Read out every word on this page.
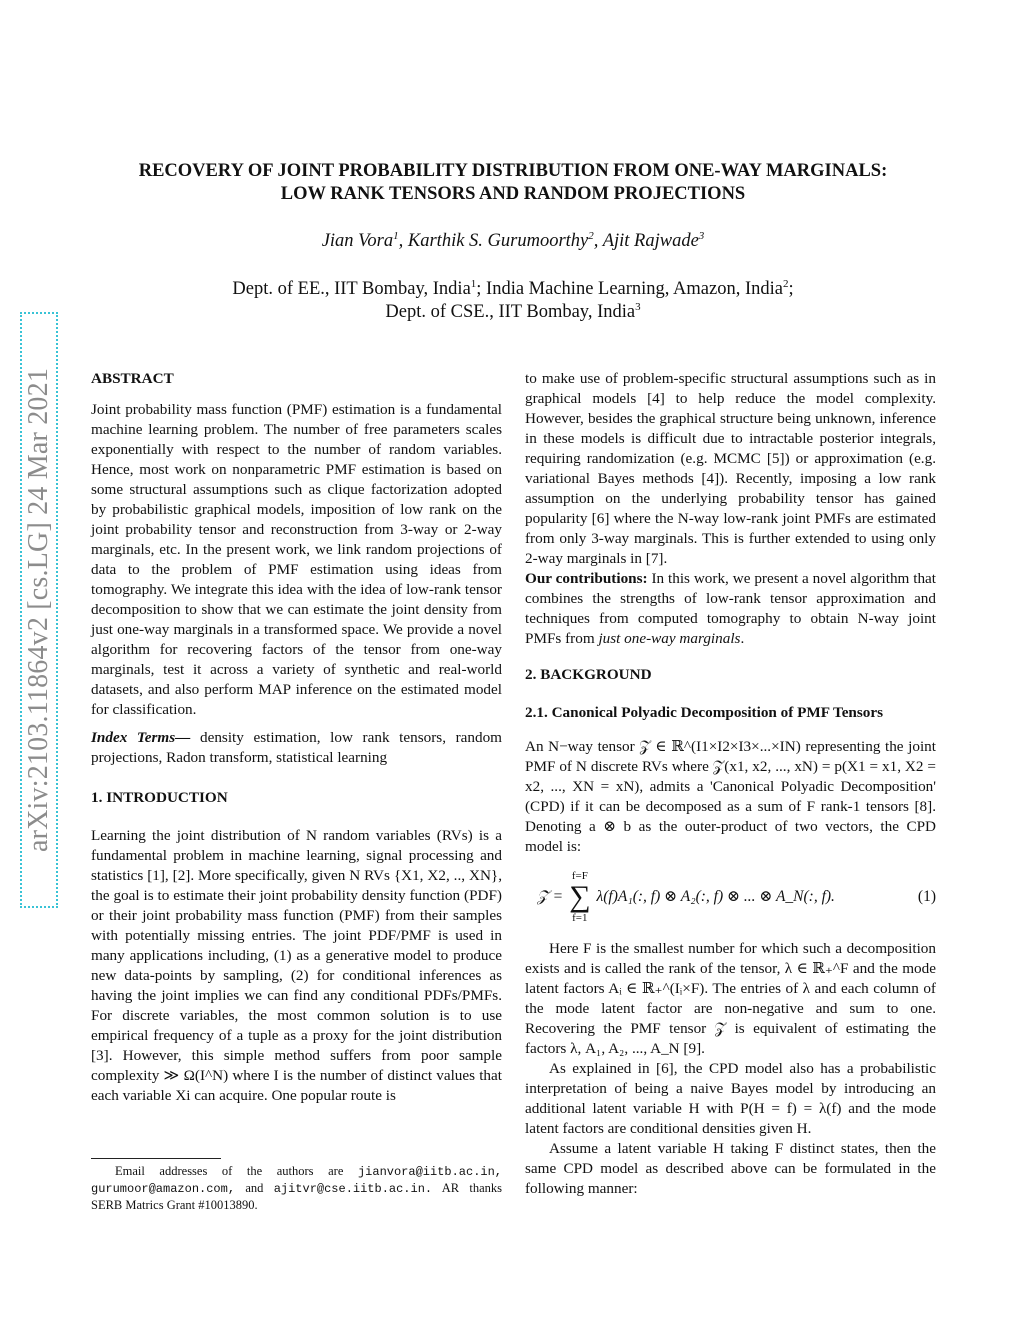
arXiv:2103.11864v2 [cs.LG] 24 Mar 2021
RECOVERY OF JOINT PROBABILITY DISTRIBUTION FROM ONE-WAY MARGINALS:
LOW RANK TENSORS AND RANDOM PROJECTIONS
Jian Vora$^1$, Karthik S. Gurumoorthy$^2$, Ajit Rajwade$^3$
Dept. of EE., IIT Bombay, India$^1$; India Machine Learning, Amazon, India$^2$;
Dept. of CSE., IIT Bombay, India$^3$

ABSTRACT

Joint probability mass function (PMF) estimation is a fundamental machine learning problem. The number of free parameters scales exponentially with respect to the number of random variables. Hence, most work on nonparametric PMF estimation is based on some structural assumptions such as clique factorization adopted by probabilistic graphical models, imposition of low rank on the joint probability tensor and reconstruction from 3-way or 2-way marginals, etc. In the present work, we link random projections of data to the problem of PMF estimation using ideas from tomography. We integrate this idea with the idea of low-rank tensor decomposition to show that we can estimate the joint density from just one-way marginals in a transformed space. We provide a novel algorithm for recovering factors of the tensor from one-way marginals, test it across a variety of synthetic and real-world datasets, and also perform MAP inference on the estimated model for classification.

Index Terms— density estimation, low rank tensors, random projections, Radon transform, statistical learning

1. INTRODUCTION

Learning the joint distribution of N random variables (RVs) is a fundamental problem in machine learning, signal processing and statistics [1], [2]. More specifically, given N RVs {X1, X2, .., XN}, the goal is to estimate their joint probability density function (PDF) or their joint probability mass function (PMF) from their samples with potentially missing entries. The joint PDF/PMF is used in many applications including, (1) as a generative model to produce new data-points by sampling, (2) for conditional inferences as having the joint implies we can find any conditional PDFs/PMFs. For discrete variables, the most common solution is to use empirical frequency of a tuple as a proxy for the joint distribution [3]. However, this simple method suffers from poor sample complexity ≫ Ω(I^N) where I is the number of distinct values that each variable Xi can acquire. One popular route is

to make use of problem-specific structural assumptions such as in graphical models [4] to help reduce the model complexity. However, besides the graphical structure being unknown, inference in these models is difficult due to intractable posterior integrals, requiring randomization (e.g. MCMC [5]) or approximation (e.g. variational Bayes methods [4]). Recently, imposing a low rank assumption on the underlying probability tensor has gained popularity [6] where the N-way low-rank joint PMFs are estimated from only 3-way marginals. This is further extended to using only 2-way marginals in [7].

Our contributions: In this work, we present a novel algorithm that combines the strengths of low-rank tensor approximation and techniques from computed tomography to obtain N-way joint PMFs from just one-way marginals.

2. BACKGROUND

2.1. Canonical Polyadic Decomposition of PMF Tensors

An N−way tensor 𝒵 ∈ ℝ^(I1×I2×I3×...×IN) representing the joint PMF of N discrete RVs where 𝒵(x1, x2, ..., xN) = p(X1 = x1, X2 = x2, ..., XN = xN), admits a 'Canonical Polyadic Decomposition' (CPD) if it can be decomposed as a sum of F rank-1 tensors [8]. Denoting a ⊗ b as the outer-product of two vectors, the CPD model is:

𝒵 =
f=F
∑
f=1
λ(f)A₁(:, f) ⊗ A₂(:, f) ⊗ ... ⊗ A_N(:, f).	(1)

Here F is the smallest number for which such a decomposition exists and is called the rank of the tensor, λ ∈ ℝ₊^F and the mode latent factors Aᵢ ∈ ℝ₊^(Iᵢ×F). The entries of λ and each column of the mode latent factor are non-negative and sum to one. Recovering the PMF tensor 𝒵 is equivalent of estimating the factors λ, A₁, A₂, ..., A_N [9].

As explained in [6], the CPD model also has a probabilistic interpretation of being a naive Bayes model by introducing an additional latent variable H with P(H = f) = λ(f) and the mode latent factors are conditional densities given H.

Assume a latent variable H taking F distinct states, then the same CPD model as described above can be formulated in the following manner:

Email addresses of the authors are jianvora@iitb.ac.in, gurumoor@amazon.com, and ajitvr@cse.iitb.ac.in. AR thanks SERB Matrics Grant #10013890.
